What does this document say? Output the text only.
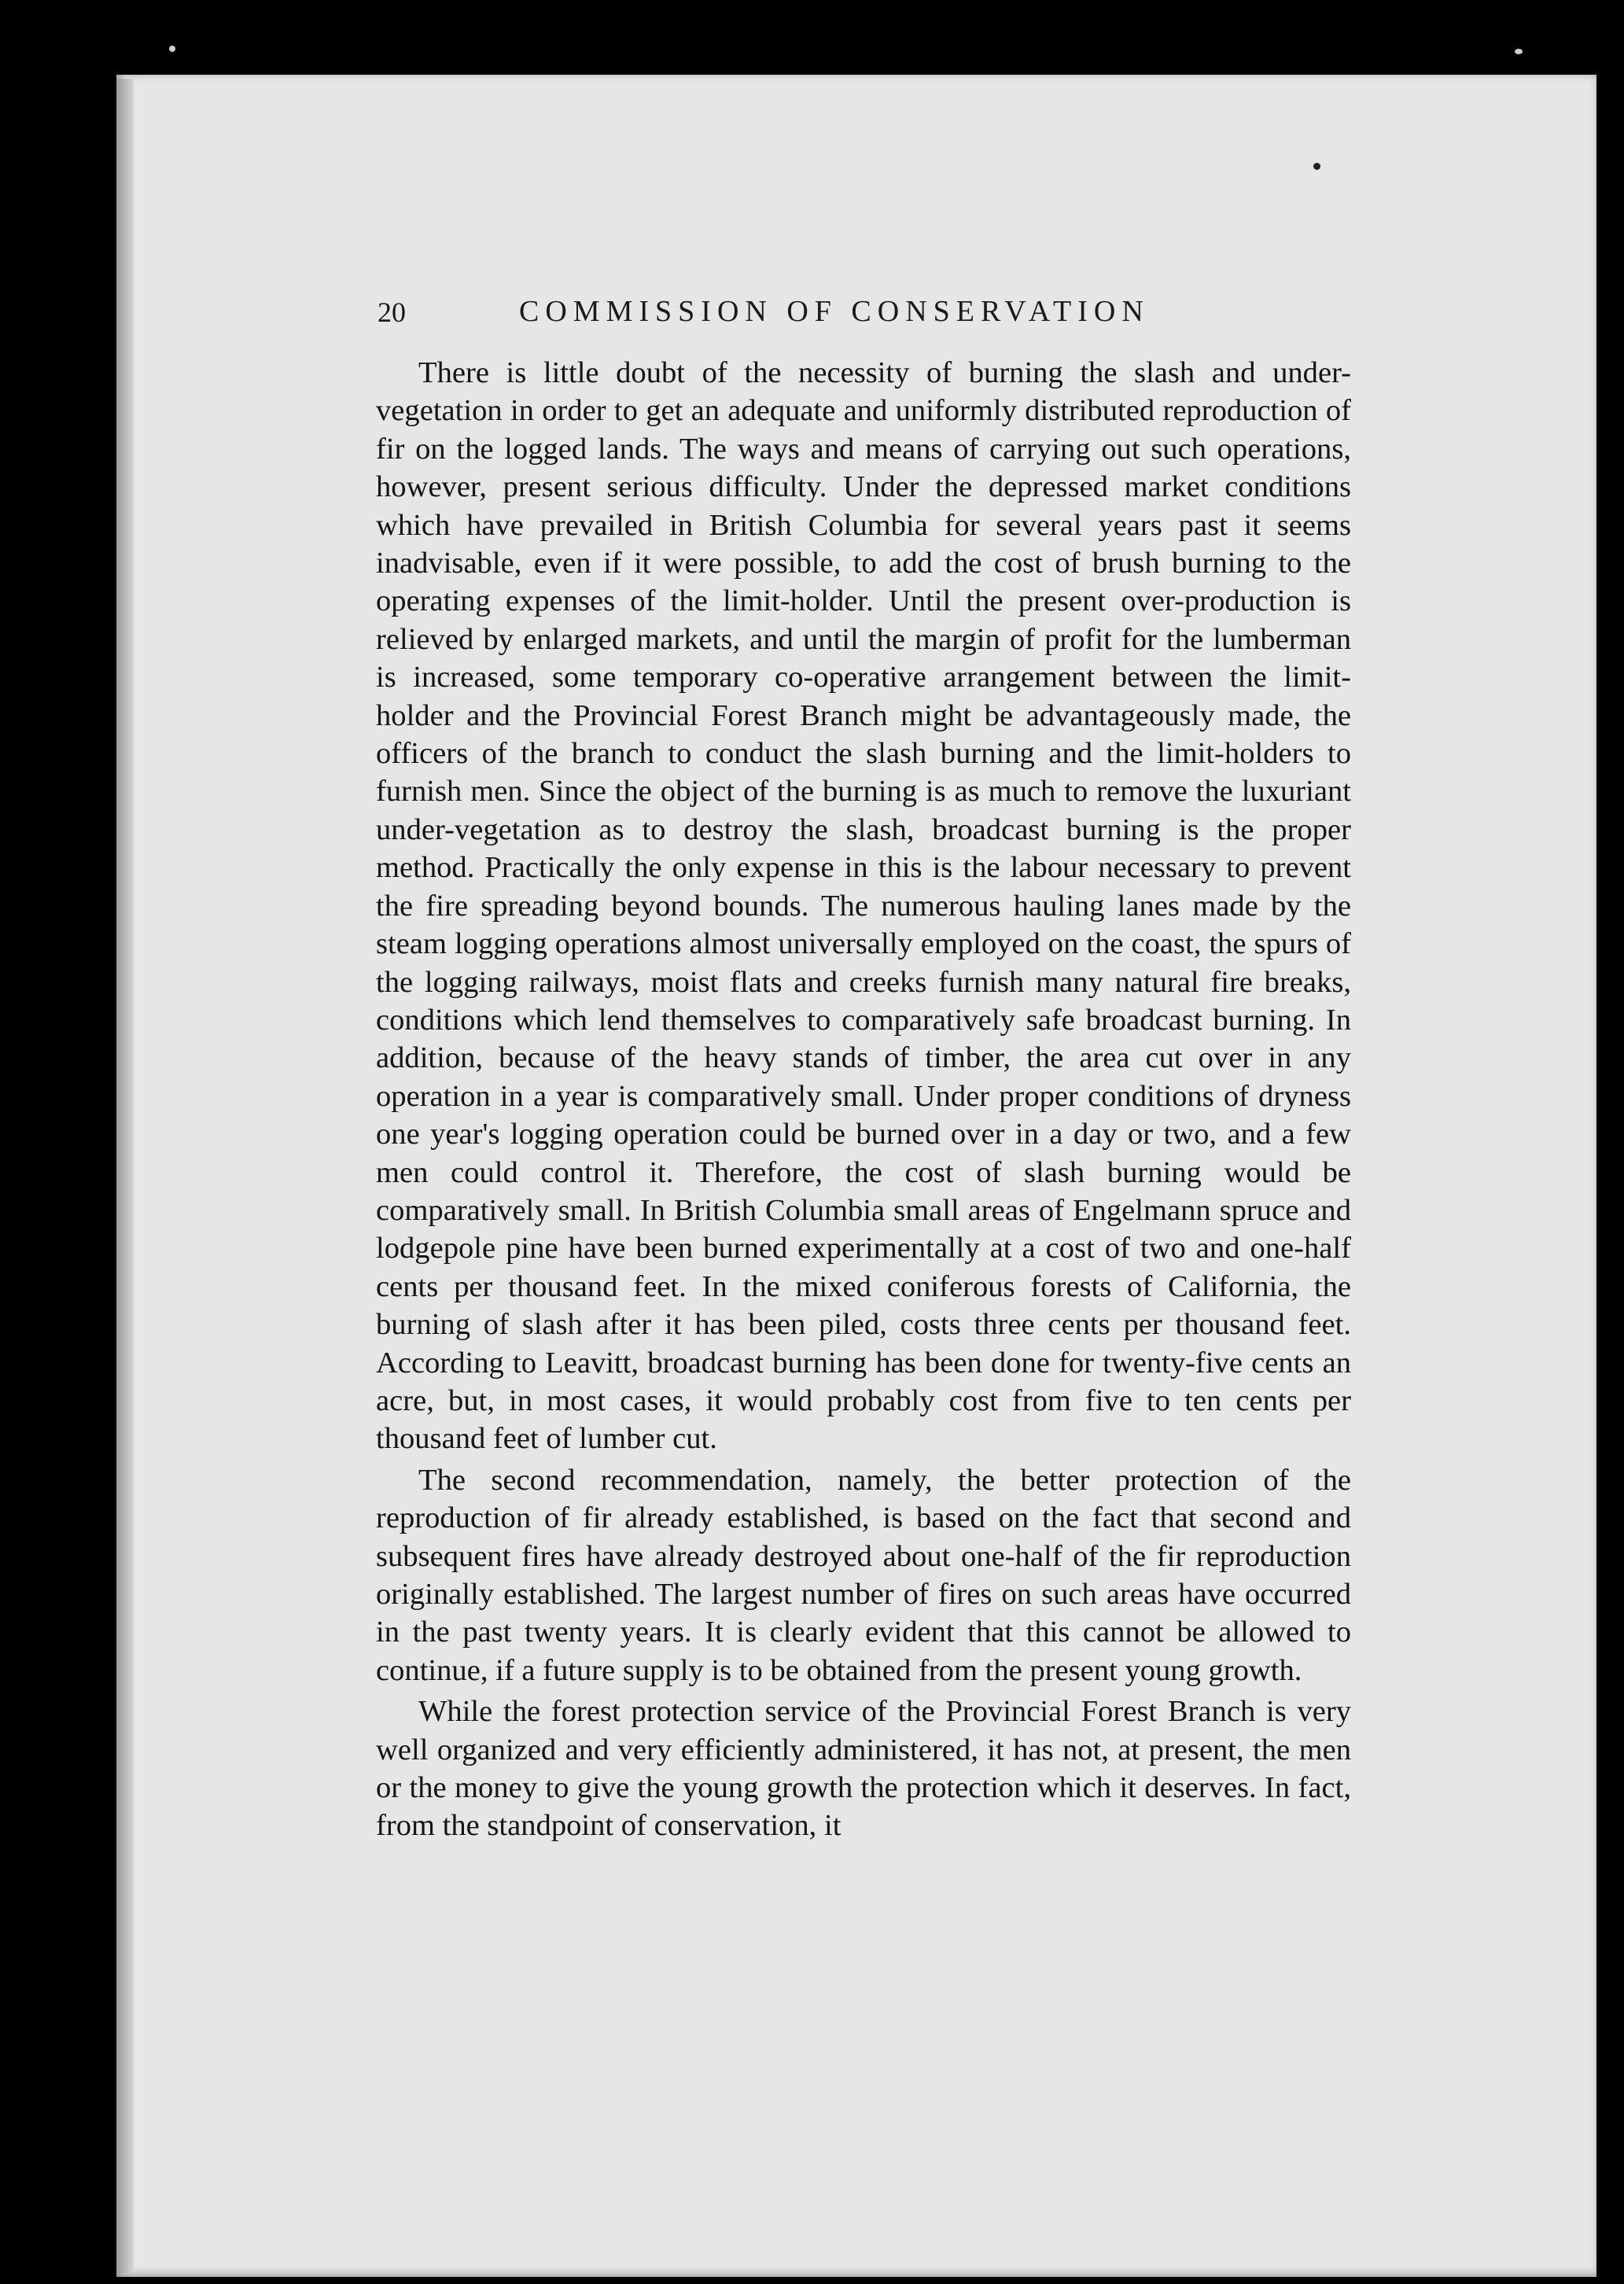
20	COMMISSION OF CONSERVATION

There is little doubt of the necessity of burning the slash and under-vegetation in order to get an adequate and uniformly distributed reproduction of fir on the logged lands. The ways and means of carrying out such operations, however, present serious difficulty. Under the depressed market conditions which have prevailed in British Columbia for several years past it seems inadvisable, even if it were possible, to add the cost of brush burning to the operating expenses of the limit-holder. Until the present over-production is relieved by enlarged markets, and until the margin of profit for the lumberman is increased, some temporary co-operative arrangement between the limit-holder and the Provincial Forest Branch might be advantageously made, the officers of the branch to conduct the slash burning and the limit-holders to furnish men. Since the object of the burning is as much to remove the luxuriant under-vegetation as to destroy the slash, broadcast burning is the proper method. Practically the only expense in this is the labour necessary to prevent the fire spreading beyond bounds. The numerous hauling lanes made by the steam logging operations almost universally employed on the coast, the spurs of the logging railways, moist flats and creeks furnish many natural fire breaks, conditions which lend themselves to comparatively safe broadcast burning. In addition, because of the heavy stands of timber, the area cut over in any operation in a year is comparatively small. Under proper conditions of dryness one year's logging operation could be burned over in a day or two, and a few men could control it. Therefore, the cost of slash burning would be comparatively small. In British Columbia small areas of Engelmann spruce and lodgepole pine have been burned experimentally at a cost of two and one-half cents per thousand feet. In the mixed coniferous forests of California, the burning of slash after it has been piled, costs three cents per thousand feet. According to Leavitt, broadcast burning has been done for twenty-five cents an acre, but, in most cases, it would probably cost from five to ten cents per thousand feet of lumber cut.

The second recommendation, namely, the better protection of the reproduction of fir already established, is based on the fact that second and subsequent fires have already destroyed about one-half of the fir reproduction originally established. The largest number of fires on such areas have occurred in the past twenty years. It is clearly evident that this cannot be allowed to continue, if a future supply is to be obtained from the present young growth.

While the forest protection service of the Provincial Forest Branch is very well organized and very efficiently administered, it has not, at present, the men or the money to give the young growth the protection which it deserves. In fact, from the standpoint of conservation, it
